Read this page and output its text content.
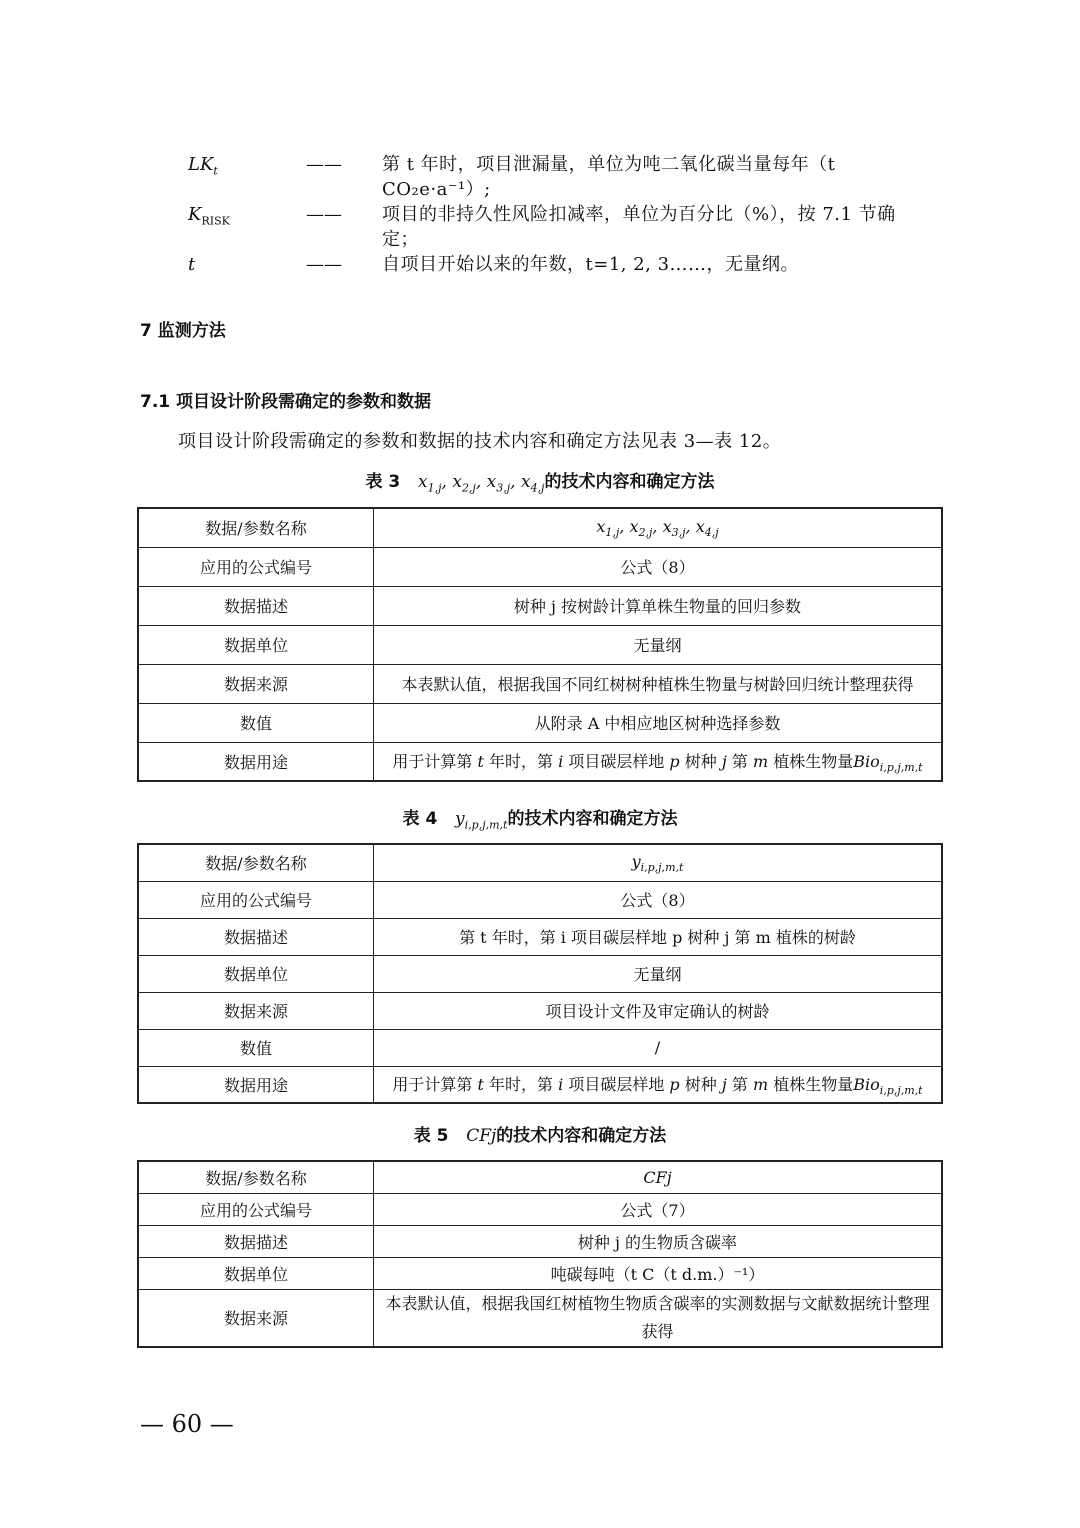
$LK_t$	——	第 t 年时，项目泄漏量，单位为吨二氧化碳当量每年（t
CO₂e·a⁻¹）;
$K_{RISK}$	——	项目的非持久性风险扣减率，单位为百分比（%），按 7.1 节确
定；
t	——	自项目开始以来的年数，t=1, 2, 3……，无量纲。
7 监测方法
7.1 项目设计阶段需确定的参数和数据
项目设计阶段需确定的参数和数据的技术内容和确定方法见表 3—表 12。
表 3 $x_{1,j}$, $x_{2,j}$, $x_{3,j}$, $x_{4,j}$的技术内容和确定方法
数据/参数名称	$x_{1,j}$, $x_{2,j}$, $x_{3,j}$, $x_{4,j}$
应用的公式编号	公式（8）
数据描述	树种 j 按树龄计算单株生物量的回归参数
数据单位	无量纲
数据来源	本表默认值，根据我国不同红树树种植株生物量与树龄回归统计整理获得
数值	从附录 A 中相应地区树种选择参数
数据用途	用于计算第 t 年时，第 i 项目碳层样地 p 树种 j 第 m 植株生物量Bio$_{i,p,j,m,t}$
表 4 $y_{i,p,j,m,t}$的技术内容和确定方法
数据/参数名称	$y_{i,p,j,m,t}$
应用的公式编号	公式（8）
数据描述	第 t 年时，第 i 项目碳层样地 p 树种 j 第 m 植株的树龄
数据单位	无量纲
数据来源	项目设计文件及审定确认的树龄
数值	/
数据用途	用于计算第 t 年时，第 i 项目碳层样地 p 树种 j 第 m 植株生物量Bio$_{i,p,j,m,t}$
表 5 CFj的技术内容和确定方法
数据/参数名称	CFj
应用的公式编号	公式（7）
数据描述	树种 j 的生物质含碳率
数据单位	吨碳每吨（t C（t d.m.）⁻¹）
数据来源	本表默认值，根据我国红树植物生物质含碳率的实测数据与文献数据统计整理获得
— 60 —
